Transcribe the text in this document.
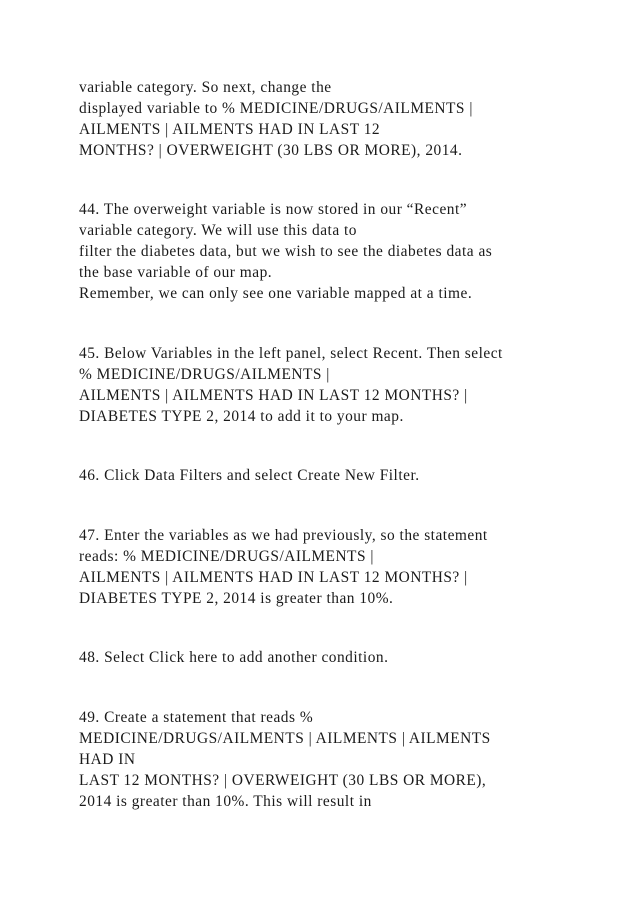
variable category. So next, change the
displayed variable to % MEDICINE/DRUGS/AILMENTS |
AILMENTS | AILMENTS HAD IN LAST 12
MONTHS? | OVERWEIGHT (30 LBS OR MORE), 2014.

44. The overweight variable is now stored in our “Recent”
variable category. We will use this data to
filter the diabetes data, but we wish to see the diabetes data as
the base variable of our map.
Remember, we can only see one variable mapped at a time.

45. Below Variables in the left panel, select Recent. Then select
% MEDICINE/DRUGS/AILMENTS |
AILMENTS | AILMENTS HAD IN LAST 12 MONTHS? |
DIABETES TYPE 2, 2014 to add it to your map.

46. Click Data Filters and select Create New Filter.

47. Enter the variables as we had previously, so the statement
reads: % MEDICINE/DRUGS/AILMENTS |
AILMENTS | AILMENTS HAD IN LAST 12 MONTHS? |
DIABETES TYPE 2, 2014 is greater than 10%.

48. Select Click here to add another condition.

49. Create a statement that reads %
MEDICINE/DRUGS/AILMENTS | AILMENTS | AILMENTS
HAD IN
LAST 12 MONTHS? | OVERWEIGHT (30 LBS OR MORE),
2014 is greater than 10%. This will result in
